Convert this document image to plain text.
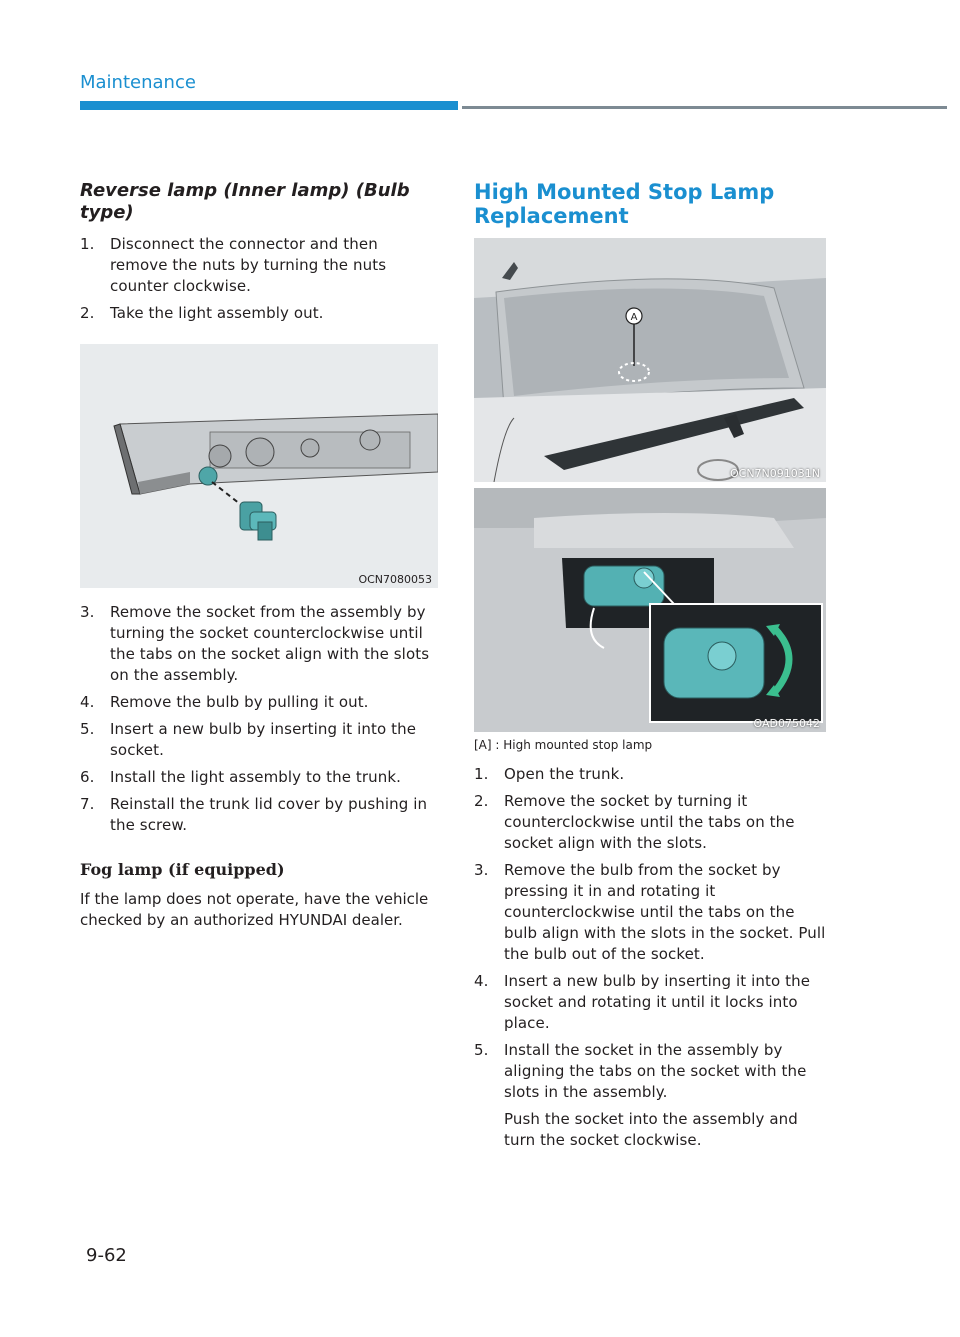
Maintenance
Reverse lamp (Inner lamp) (Bulb type)
1. Disconnect the connector and then remove the nuts by turning the nuts counter clockwise.
2. Take the light assembly out.
OCN7080053
3. Remove the socket from the assembly by turning the socket counterclockwise until the tabs on the socket align with the slots on the assembly.
4. Remove the bulb by pulling it out.
5. Insert a new bulb by inserting it into the socket.
6. Install the light assembly to the trunk.
7. Reinstall the trunk lid cover by pushing in the screw.
Fog lamp (if equipped)

If the lamp does not operate, have the vehicle checked by an authorized HYUNDAI dealer.

High Mounted Stop Lamp Replacement
A
OCN7N091031N
OAD075042
[A] : High mounted stop lamp
1. Open the trunk.
2. Remove the socket by turning it counterclockwise until the tabs on the socket align with the slots.
3. Remove the bulb from the socket by pressing it in and rotating it counterclockwise until the tabs on the bulb align with the slots in the socket. Pull the bulb out of the socket.
4. Insert a new bulb by inserting it into the socket and rotating it until it locks into place.
5. Install the socket in the assembly by aligning the tabs on the socket with the slots in the assembly.
Push the socket into the assembly and turn the socket clockwise.
9-62
